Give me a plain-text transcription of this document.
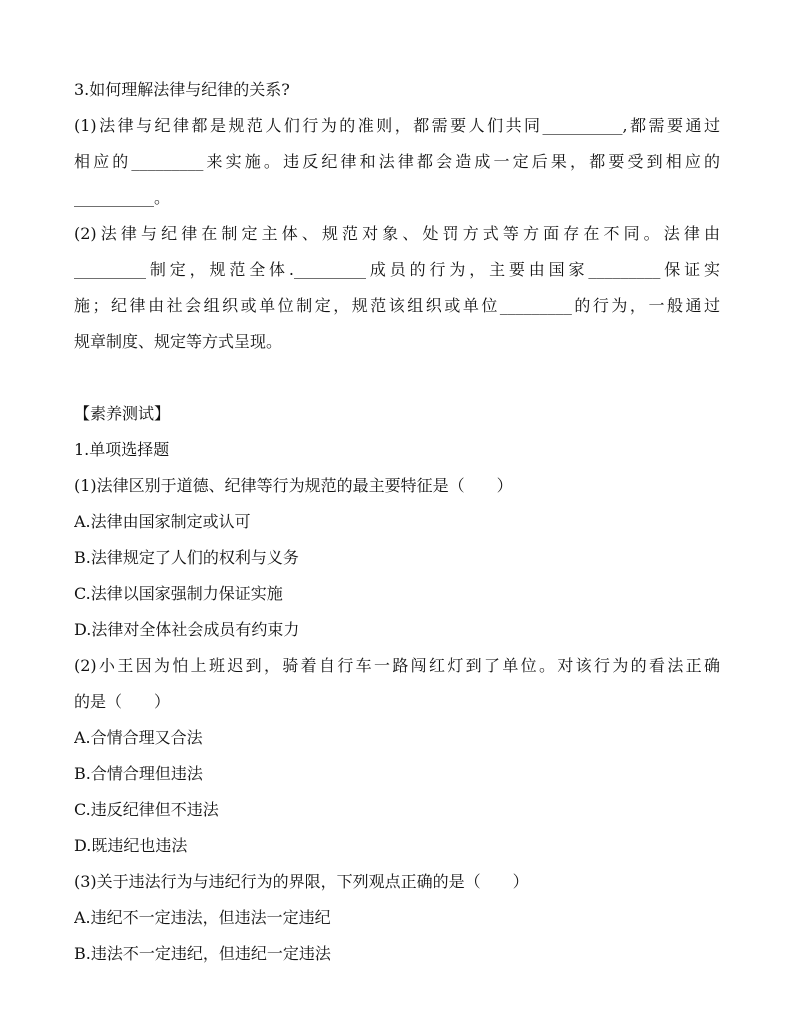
3.如何理解法律与纪律的关系?
(1)法律与纪律都是规范人们行为的准则，都需要人们共同__________,都需要通过
相应的_________来实施。违反纪律和法律都会造成一定后果，都要受到相应的
__________。
(2)法律与纪律在制定主体、规范对象、处罚方式等方面存在不同。法律由
_________制定，规范全体._________成员的行为，主要由国家_________保证实
施；纪律由社会组织或单位制定，规范该组织或单位_________的行为，一般通过
规章制度、规定等方式呈现。
【素养测试】
1.单项选择题
(1)法律区别于道德、纪律等行为规范的最主要特征是（　　）
A.法律由国家制定或认可
B.法律规定了人们的权利与义务
C.法律以国家强制力保证实施
D.法律对全体社会成员有约束力
(2)小王因为怕上班迟到，骑着自行车一路闯红灯到了单位。对该行为的看法正确
的是（　　）
A.合情合理又合法
B.合情合理但违法
C.违反纪律但不违法
D.既违纪也违法
(3)关于违法行为与违纪行为的界限，下列观点正确的是（　　）
A.违纪不一定违法，但违法一定违纪
B.违法不一定违纪，但违纪一定违法
